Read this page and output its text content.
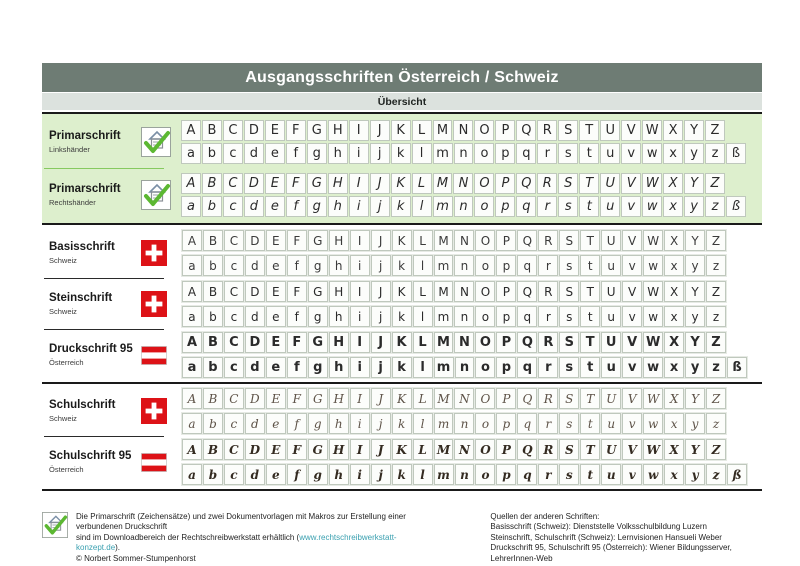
Ausgangsschriften Österreich / Schweiz
Übersicht
Primarschrift
Linkshänder
A B C D E	F G H	I	J	K	L M N O P Q R S T U V W X Y Z
a b	c	d e	f	g h	i	j	k	l m n o p q	r	s	t	u v w x	y	z	ß
Primarschrift
Rechtshänder
A B C D E	F G H	I	J	K	L M N O P Q R S T U V W X Y Z
a b	c	d e	f	g h	i	j	k	l m n o p q	r	s	t	u v w x	y	z	ß
Basisschrift
Schweiz
A	B	C	D	E	F	G H	I	J	K	L	M N O	P	Q	R	S	T	U	V W X	Y	Z
a	b	c	d	e	f	g	h	i	j	k	l	m n	o	p	q	r	s	t	u	v	w	x	y	z
Steinschrift
Schweiz
A	B	C	D	E	F	G H	I	J	K	L	M N O	P	Q	R	S	T	U	V W X	Y	Z
a	b	c	d	e	f	g	h	i	j	k	l	m n	o	p	q	r	s	t	u	v	w	x	y	z
Druckschrift 95
Österreich
A B C D E F G H	I	J	K L M N O P Q R S T U V W X Y Z
a b c d e	f	g h	i	j	k	l m n o p q	r	s	t	u v w x y z ß
Schulschrift
Schweiz
A	B C D E	F	G H	I	J	K	L M N O	P	Q R	S	T U V W X	Y	Z
a	b	c	d	e	f	g	h	i	j	k	l	m n	o	p	q	r	s	t	u	v	w	x	y	z
Schulschrift 95
Österreich
A B C D E	F G H	I	J	K L M N O P Q R S	T U V W X	Y	Z
a	b	c	d	e	f	g	h	i	j	k	l	m n	o	p	q	r	s	t	u	v	w	x	y	z	ß
Die Primarschrift (Zeichensätze) und zwei Dokumentvorlagen mit Makros zur Erstellung einer verbundenen Druckschrift
sind im Downloadbereich der Rechtschreibwerkstatt erhältlich (www.rechtschreibwerkstatt-konzept.de).
© Norbert Sommer-Stumpenhorst
Quellen der anderen Schriften:
Basisschrift (Schweiz): Dienststelle Volksschulbildung Luzern
Steinschrift, Schulschrift (Schweiz): Lernvisionen Hansueli Weber
Druckschrift 95, Schulschrift 95 (Österreich): Wiener Bildungsserver, LehrerInnen-Web
